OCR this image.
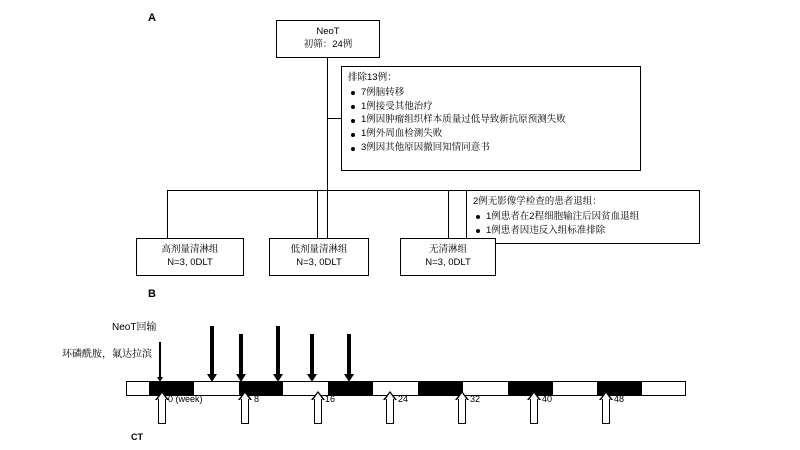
A
NeoT
初筛：24例
排除13例：
7例脑转移
1例接受其他治疗
1例因肿瘤组织样本质量过低导致新抗原预测失败
1例外周血检测失败
3例因其他原因撤回知情同意书
2例无影像学检查的患者退组：
1例患者在2程细胞输注后因贫血退组
1例患者因违反入组标准排除
高剂量清淋组
N=3, 0DLT
低剂量清淋组
N=3, 0DLT
无清淋组
N=3, 0DLT
B
NeoT回输
环磷酰胺，氟达拉滨
0 (week)	8	16	24	32	40	48
CT
